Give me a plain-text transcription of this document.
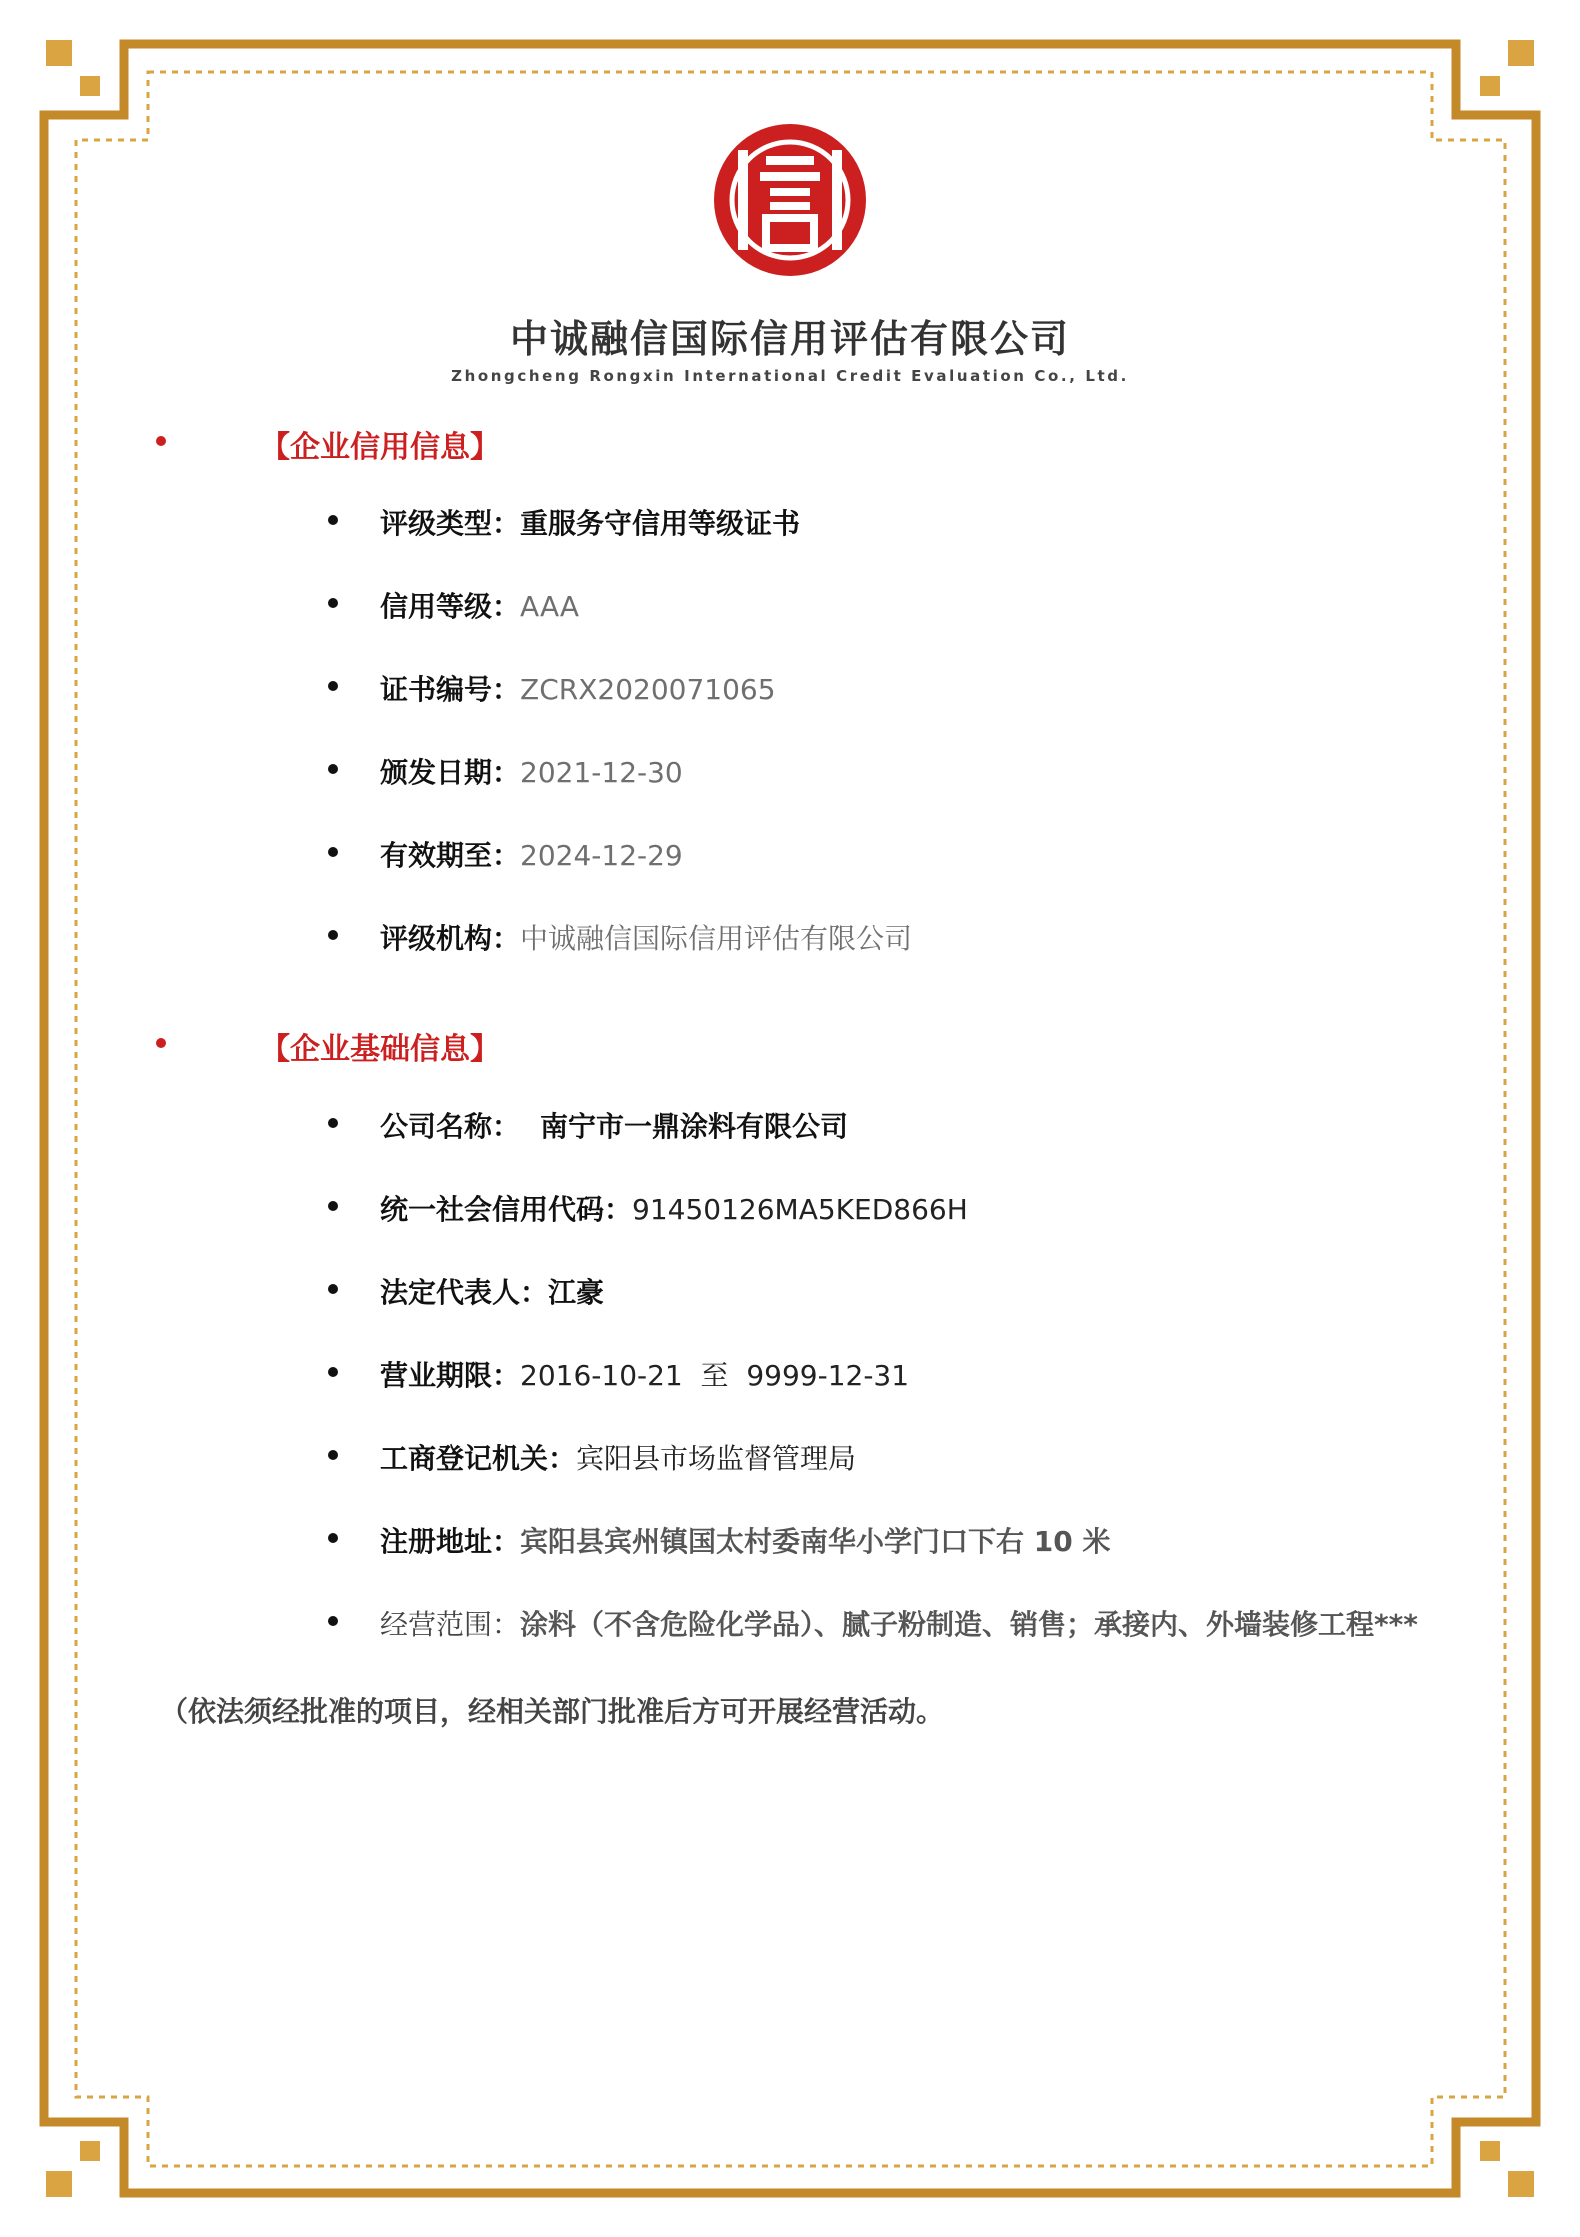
中诚融信国际信用评估有限公司
Zhongcheng Rongxin International Credit Evaluation Co., Ltd.
【企业信用信息】
评级类型：重服务守信用等级证书
信用等级：AAA
证书编号：ZCRX2020071065
颁发日期：2021-12-30
有效期至：2024-12-29
评级机构：中诚融信国际信用评估有限公司
【企业基础信息】
公司名称： 南宁市一鼎涂料有限公司
统一社会信用代码：91450126MA5KED866H
法定代表人：江豪
营业期限：2016-10-21  至  9999-12-31
工商登记机关：宾阳县市场监督管理局
注册地址：宾阳县宾州镇国太村委南华小学门口下右 10 米
经营范围：涂料（不含危险化学品）、腻子粉制造、销售；承接内、外墙装修工程***
（依法须经批准的项目，经相关部门批准后方可开展经营活动。
